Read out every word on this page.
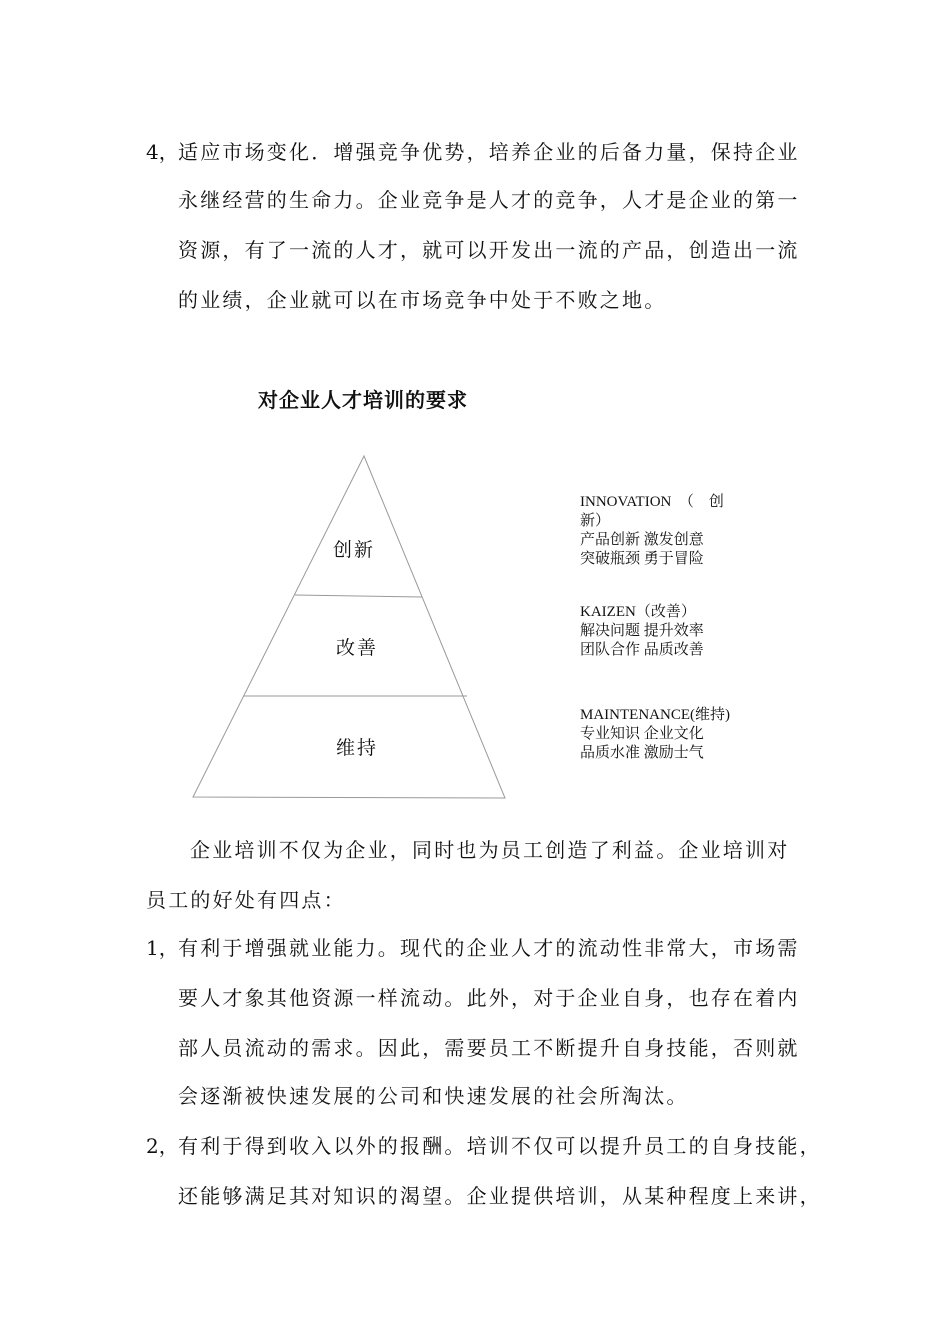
4， 适应市场变化．增强竞争优势，培养企业的后备力量，保持企业
永继经营的生命力。企业竞争是人才的竞争，人才是企业的第一
资源，有了一流的人才，就可以开发出一流的产品，创造出一流
的业绩，企业就可以在市场竞争中处于不败之地。
对企业人才培训的要求
创新
改善
维持
INNOVATION　（　创
新）
产品创新 激发创意
突破瓶颈 勇于冒险
KAIZEN（改善）
解决问题 提升效率
团队合作 品质改善
MAINTENANCE(维持)
专业知识 企业文化
品质水准 激励士气
企业培训不仅为企业，同时也为员工创造了利益。企业培训对
员工的好处有四点：
1， 有利于增强就业能力。现代的企业人才的流动性非常大，市场需
要人才象其他资源一样流动。此外，对于企业自身，也存在着内
部人员流动的需求。因此，需要员工不断提升自身技能，否则就
会逐渐被快速发展的公司和快速发展的社会所淘汰。
2， 有利于得到收入以外的报酬。培训不仅可以提升员工的自身技能，
还能够满足其对知识的渴望。企业提供培训，从某种程度上来讲，
